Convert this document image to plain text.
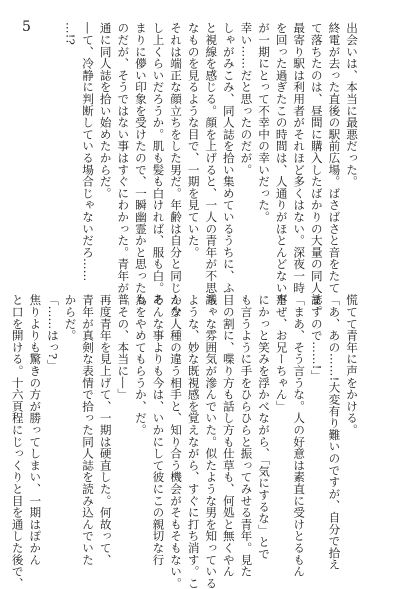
5	出会いは、本当に最悪だった。
終電が去った直後の駅前広場。ばさばさと音をたて
て落ちたのは、昼間に購入したばかりの大量の同人誌。
最寄り駅は利用者がそれほど多くはない。深夜一時
を回った過ぎたこの時間は、人通りがほとんどない事
が一期にとって不幸中の幸いだった。
幸い……だと思ったのだが。
しゃがみこみ、同人誌を拾い集めているうちに、ふ
と視線を感じる。顔を上げると、一人の青年が不思議
なものを見るような目で、一期を見ていた。
それは端正な顔立ちをした男だ。年齢は自分と同じか少
し上くらいだろうか。肌も髪も白ければ、服も白。あ
まりに儚い印象を受けたので、一瞬幽霊かと思ったも
のだが、そうではない事はすぐにわかった。青年が普
通に同人誌を拾い始めたからだ。
―て、冷静に判断している場合じゃないだろ……
…!?
慌てて青年に声をかける。
「あ、あの……!大変有り難いのですが、自分で拾え
ますので……!」
「まあ、そう言うな。人の好意は素直に受けとるもん
だぜ、お兄ーちゃん」
にかっと笑みを浮かべながら、「気にするな」とで
も言うように手をひらひらと振ってみせる青年。見た
目の割に、喋り方も話し方も仕草も、何処と無くやん
ちゃな雰囲気が滲んでいた。似たような男を知っている
ような、妙な既視感を覚えながら、すぐに打ち消す。こ
んな人種の違う相手と、知り合う機会がそもそもない。
そんな事よりも今は、いかにして彼にこの親切な行
為をやめてもらうか、だ。
「その、本当に―」
再度青年を見上げて、一期は硬直した。何故って、
青年が真剣な表情で拾った同人誌を読み込んでいた
からだ。
「……はっ?」
焦りよりも驚きの方が勝ってしまい、一期はぽかん
と口を開ける。十六頁程にじっくりと目を通した後で、
